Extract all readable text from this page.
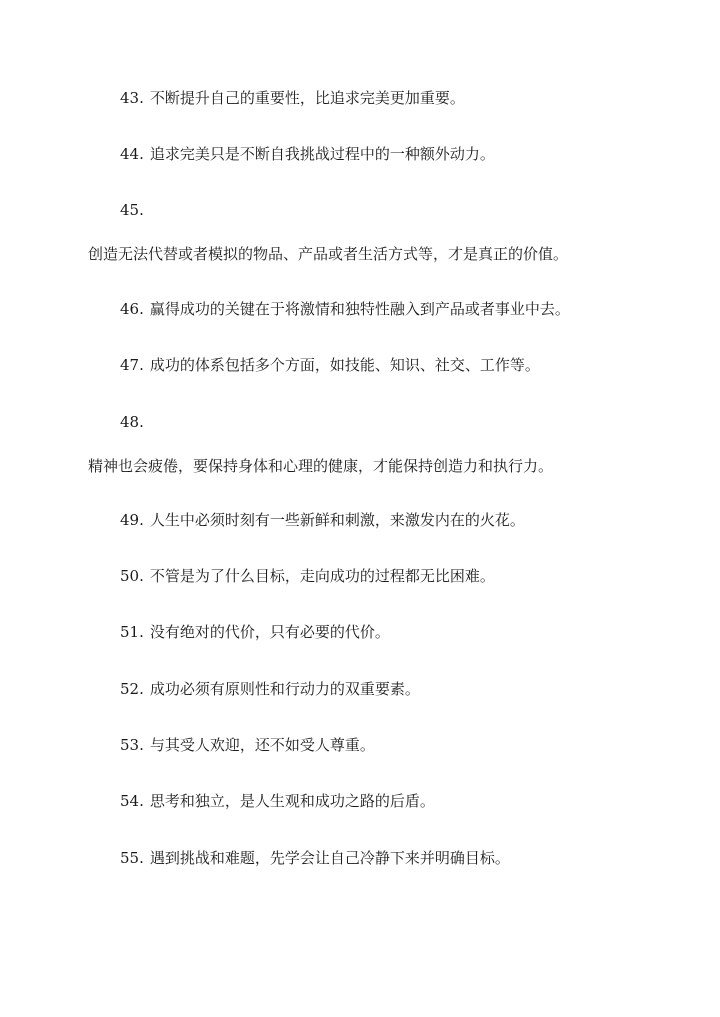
43. 不断提升自己的重要性，比追求完美更加重要。
44. 追求完美只是不断自我挑战过程中的一种额外动力。
45.
创造无法代替或者模拟的物品、产品或者生活方式等，才是真正的价值。
46. 赢得成功的关键在于将激情和独特性融入到产品或者事业中去。
47. 成功的体系包括多个方面，如技能、知识、社交、工作等。
48.
精神也会疲倦，要保持身体和心理的健康，才能保持创造力和执行力。
49. 人生中必须时刻有一些新鲜和刺激，来激发内在的火花。
50. 不管是为了什么目标，走向成功的过程都无比困难。
51. 没有绝对的代价，只有必要的代价。
52. 成功必须有原则性和行动力的双重要素。
53. 与其受人欢迎，还不如受人尊重。
54. 思考和独立，是人生观和成功之路的后盾。
55. 遇到挑战和难题，先学会让自己冷静下来并明确目标。
